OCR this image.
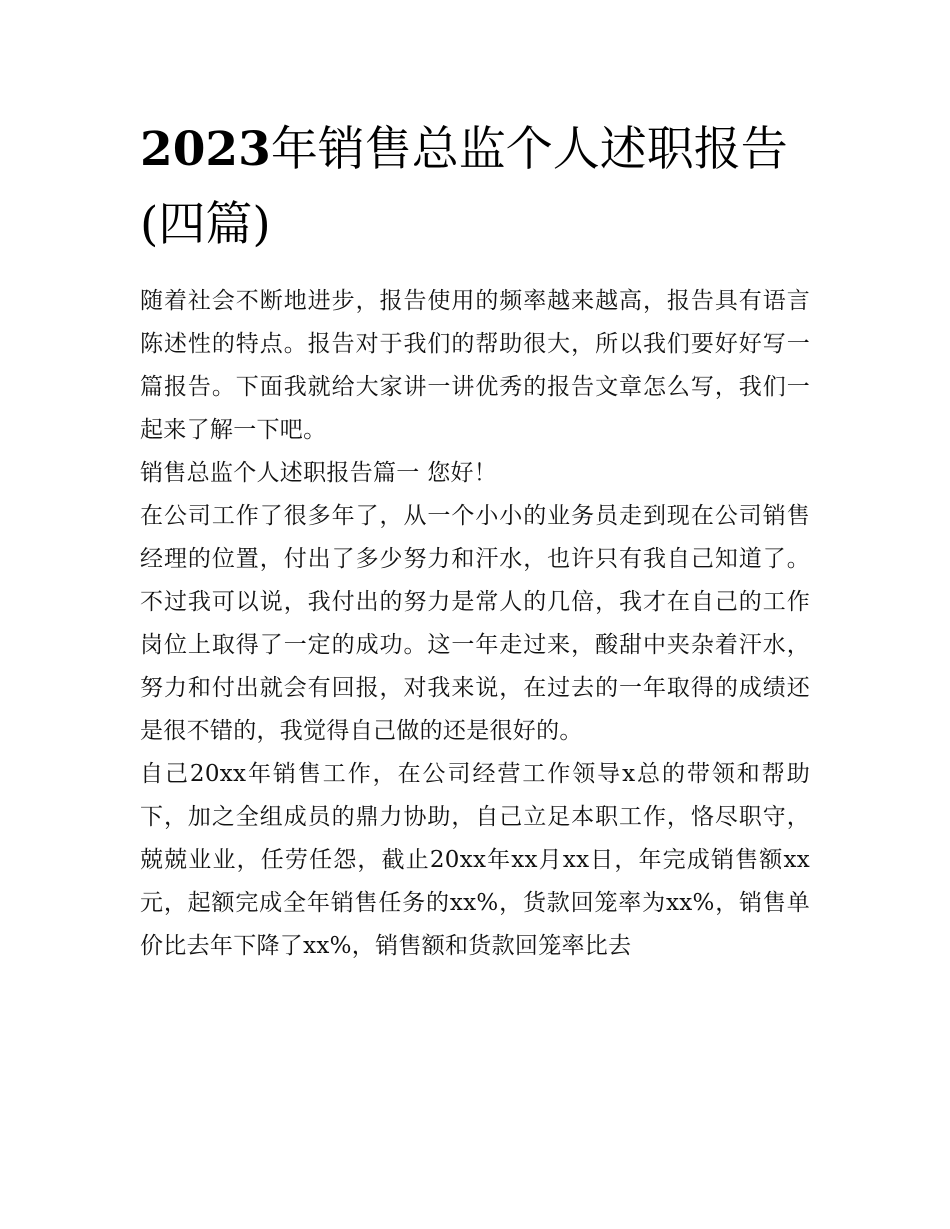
2023年销售总监个人述职报告(四篇)

随着社会不断地进步，报告使用的频率越来越高，报告具有语言陈述性的特点。报告对于我们的帮助很大，所以我们要好好写一篇报告。下面我就给大家讲一讲优秀的报告文章怎么写，我们一起来了解一下吧。

销售总监个人述职报告篇一 您好！

在公司工作了很多年了，从一个小小的业务员走到现在公司销售经理的位置，付出了多少努力和汗水，也许只有我自己知道了。不过我可以说，我付出的努力是常人的几倍，我才在自己的工作岗位上取得了一定的成功。这一年走过来，酸甜中夹杂着汗水，努力和付出就会有回报，对我来说，在过去的一年取得的成绩还是很不错的，我觉得自己做的还是很好的。

自己20xx年销售工作，在公司经营工作领导x总的带领和帮助下，加之全组成员的鼎力协助，自己立足本职工作，恪尽职守，兢兢业业，任劳任怨，截止20xx年xx月xx日，年完成销售额xx元，起额完成全年销售任务的xx%，货款回笼率为xx%，销售单价比去年下降了xx%，销售额和货款回笼率比去
